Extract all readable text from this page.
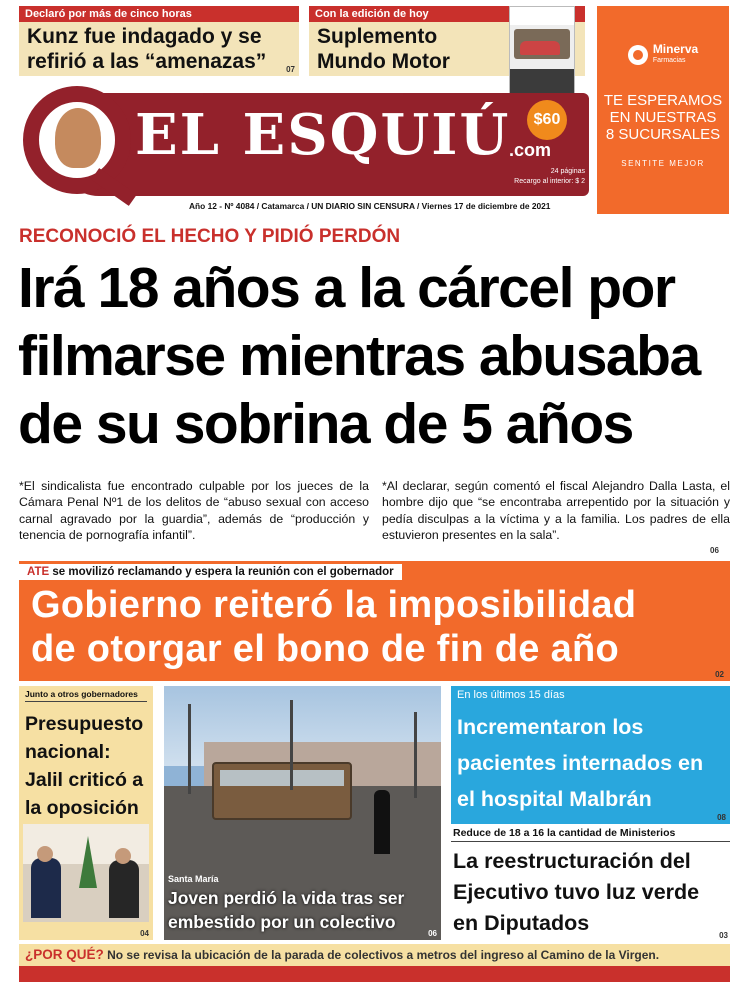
Declaró por más de cinco horas
Kunz fue indagado y se refirió a las “amenazas”	07
Con la edición de hoy
Suplemento Mundo Motor
Minerva
Farmacias
TE ESPERAMOS
EN NUESTRAS
8 SUCURSALES
SENTITE MEJOR
EL ESQUIÚ
.com
$60
24 páginas
Recargo al interior: $ 2
Año 12 - Nº 4084 / Catamarca / UN DIARIO SIN CENSURA / Viernes 17 de diciembre de 2021
RECONOCIÓ EL HECHO Y PIDIÓ PERDÓN
Irá 18 años a la cárcel por
filmarse mientras abusaba
de su sobrina de 5 años
*El sindicalista fue encontrado culpable por los jueces de la Cámara Penal Nº1 de los delitos de “abuso sexual con acceso carnal agravado por la guardia”, además de “producción y tenencia de pornografía infantil”.
*Al declarar, según comentó el fiscal Alejandro Dalla Lasta, el hombre dijo que “se encontraba arrepentido por la situación y pedía disculpas a la víctima y a la familia. Los padres de ella estuvieron presentes en la sala”.
06
ATE se movilizó reclamando y espera la reunión con el gobernador
Gobierno reiteró la imposibilidad
de otorgar el bono de fin de año
02
Junto a otros gobernadores
Presupuesto nacional: Jalil criticó a la oposición
04
Santa María
Joven perdió la vida tras ser embestido por un colectivo
06
En los últimos 15 días
Incrementaron los pacientes internados en el hospital Malbrán
08
Reduce de 18 a 16 la cantidad de Ministerios
La reestructuración del Ejecutivo tuvo luz verde en Diputados
03
¿POR QUÉ? No se revisa la ubicación de la parada de colectivos a metros del ingreso al Camino de la Virgen.

facebook.com/elesquiu   Twitter: @elesquiu   Instagram: elesquiu   YouTube: youtube.com/elesquiu   WhatsApp: 3834453001
